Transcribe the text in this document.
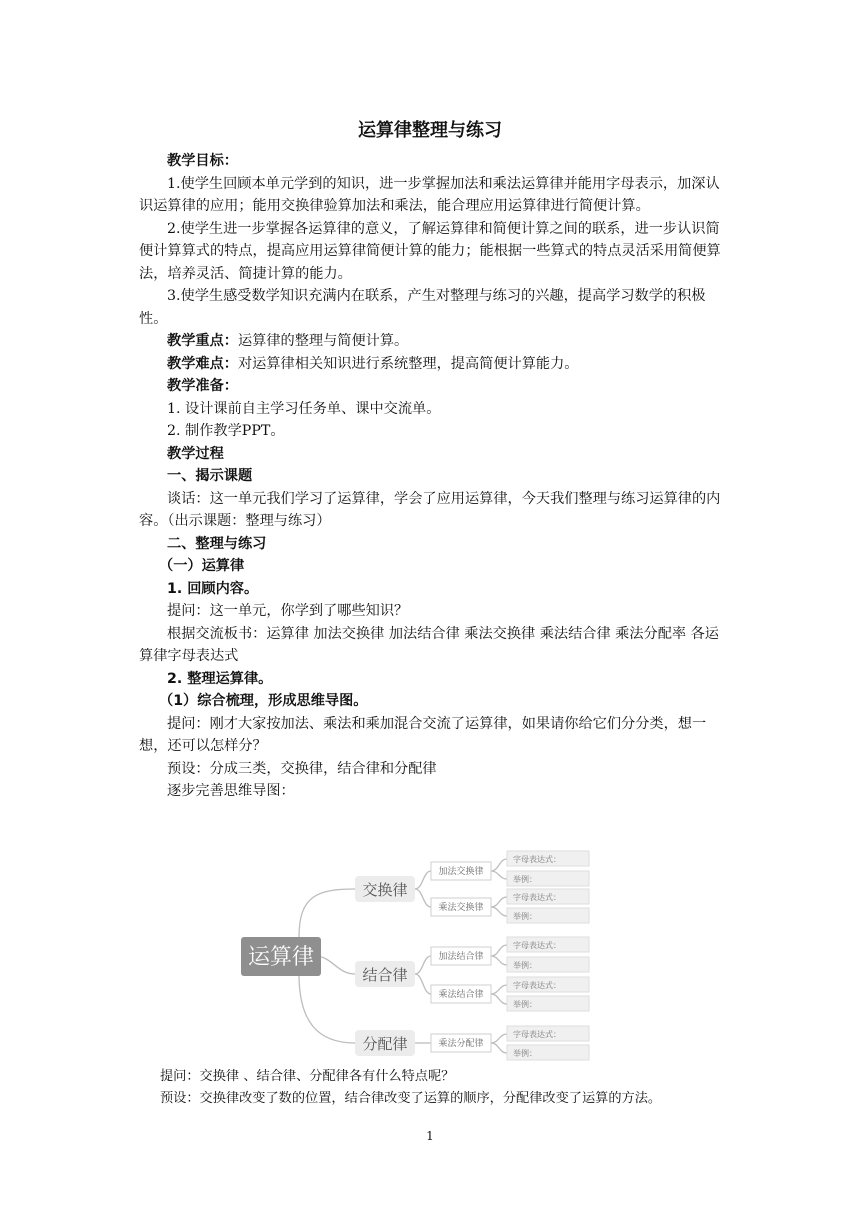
运算律整理与练习

教学目标：

1.使学生回顾本单元学到的知识，进一步掌握加法和乘法运算律并能用字母表示，加深认识运算律的应用；能用交换律验算加法和乘法，能合理应用运算律进行简便计算。

2.使学生进一步掌握各运算律的意义，了解运算律和简便计算之间的联系，进一步认识简便计算算式的特点，提高应用运算律简便计算的能力；能根据一些算式的特点灵活采用简便算法，培养灵活、简捷计算的能力。

3.使学生感受数学知识充满内在联系，产生对整理与练习的兴趣，提高学习数学的积极性。

教学重点：运算律的整理与简便计算。

教学难点：对运算律相关知识进行系统整理，提高简便计算能力。

教学准备：

1. 设计课前自主学习任务单、课中交流单。

2. 制作教学PPT。

教学过程

一、揭示课题

谈话：这一单元我们学习了运算律，学会了应用运算律，今天我们整理与练习运算律的内容。（出示课题：整理与练习）

二、整理与练习

（一）运算律

1. 回顾内容。

提问：这一单元，你学到了哪些知识？

根据交流板书：运算律 加法交换律 加法结合律 乘法交换律 乘法结合律 乘法分配率 各运算律字母表达式

2. 整理运算律。

（1）综合梳理，形成思维导图。

提问：刚才大家按加法、乘法和乘加混合交流了运算律，如果请你给它们分分类，想一想，还可以怎样分？

预设：分成三类，交换律，结合律和分配律

逐步完善思维导图：

运算律
交换律
结合律
分配律
加法交换律
乘法交换律
加法结合律
乘法结合律
乘法分配律
字母表达式：
举例：
字母表达式：
举例：
字母表达式：
举例：
字母表达式：
举例：
字母表达式：
举例：
提问：交换律 、结合律、分配律各有什么特点呢？
预设：交换律改变了数的位置，结合律改变了运算的顺序，分配律改变了运算的方法。
1
